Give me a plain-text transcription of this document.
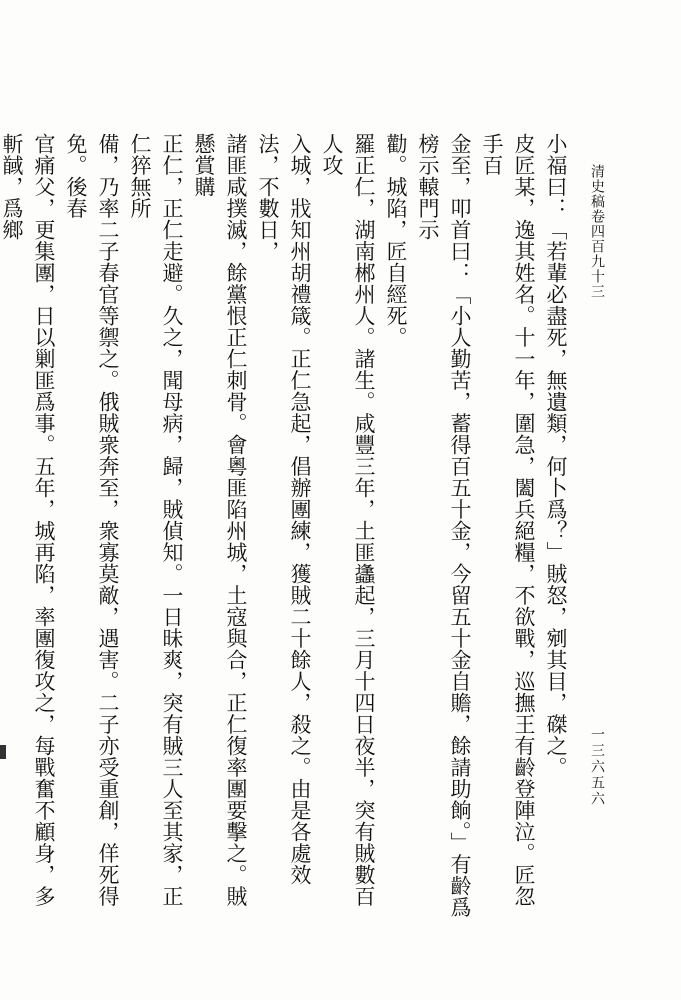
清史稿卷四百九十三
一三六五六
小福曰：「若輩必盡死，無遺類，何卜爲？」賊怒，剜其目，磔之。
皮匠某，逸其姓名。十一年，圍急，闔兵絕糧，不欲戰，巡撫王有齡登陣泣。匠忽手百
金至，叩首曰：「小人勤苦，蓄得百五十金，今留五十金自贍，餘請助餉。」有齡爲榜示轅門示
勸。城陷，匠自經死。
羅正仁，湖南郴州人。諸生。咸豐三年，土匪蠭起，三月十四日夜半，突有賊數百人攻
入城，戕知州胡禮箴。正仁急起，倡辦團練，獲賊二十餘人，殺之。由是各處效法，不數日，
諸匪咸撲滅，餘黨恨正仁刺骨。會粵匪陷州城，土寇與合，正仁復率團要擊之。賊懸賞購
正仁，正仁走避。久之，聞母病，歸，賊偵知。一日昧爽，突有賊三人至其家，正仁猝無所
備，乃率二子春官等禦之。俄賊衆奔至，衆寡莫敵，遇害。二子亦受重創，佯死得免。後春
官痛父，更集團，日以剿匪爲事。五年，城再陷，率團復攻之，每戰奮不顧身，多斬馘，爲鄉
